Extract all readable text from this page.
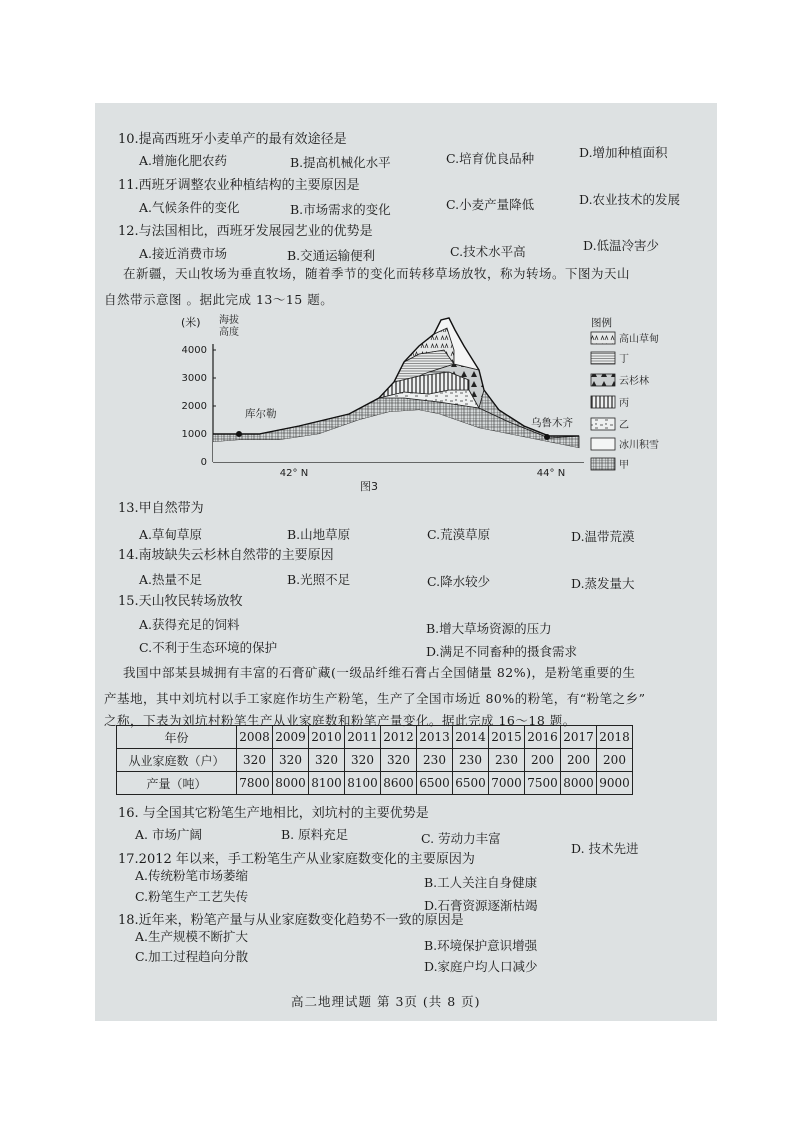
10.提高西班牙小麦单产的最有效途径是
A.增施化肥农药	B.提高机械化水平	C.培育优良品种	D.增加种植面积
11.西班牙调整农业种植结构的主要原因是
A.气候条件的变化	B.市场需求的变化	C.小麦产量降低	D.农业技术的发展
12.与法国相比，西班牙发展园艺业的优势是
A.接近消费市场	B.交通运输便利	C.技术水平高	D.低温冷害少
在新疆，天山牧场为垂直牧场，随着季节的变化而转移草场放牧，称为转场。下图为天山
自然带示意图 。据此完成 13～15 题。
(米) 海拔
高度
4000
3000
2000
1000
0
42° N	44° N
库尔勒
乌鲁木齐
图3
图例
高山草甸
丁
云杉林
丙
乙
冰川积雪
甲
13.甲自然带为
A.草甸草原	B.山地草原	C.荒漠草原	D.温带荒漠
14.南坡缺失云杉林自然带的主要原因
A.热量不足	B.光照不足	C.降水较少	D.蒸发量大
15.天山牧民转场放牧
A.获得充足的饲料	B.增大草场资源的压力
C.不利于生态环境的保护	D.满足不同畜种的摄食需求
我国中部某县城拥有丰富的石膏矿藏(一级品纤维石膏占全国储量 82%)，是粉笔重要的生
产基地，其中刘坑村以手工家庭作坊生产粉笔，生产了全国市场近 80%的粉笔，有“粉笔之乡”
之称，下表为刘坑村粉笔生产从业家庭数和粉笔产量变化。据此完成 16～18 题。
年份	2008	2009	2010	2011	2012	2013	2014	2015	2016	2017	2018
从业家庭数（户）	320	320	320	320	320	230	230	230	200	200	200
产量（吨）	7800	8000	8100	8100	8600	6500	6500	7000	7500	8000	9000
16. 与全国其它粉笔生产地相比，刘坑村的主要优势是
A. 市场广阔	B. 原料充足	C. 劳动力丰富
D. 技术先进
17.2012 年以来，手工粉笔生产从业家庭数变化的主要原因为
A.传统粉笔市场萎缩	B.工人关注自身健康
C.粉笔生产工艺失传
D.石膏资源逐渐枯竭
18.近年来，粉笔产量与从业家庭数变化趋势不一致的原因是
A.生产规模不断扩大
B.环境保护意识增强
C.加工过程趋向分散
D.家庭户均人口减少
高二地理试题 第 3页 (共 8 页)
